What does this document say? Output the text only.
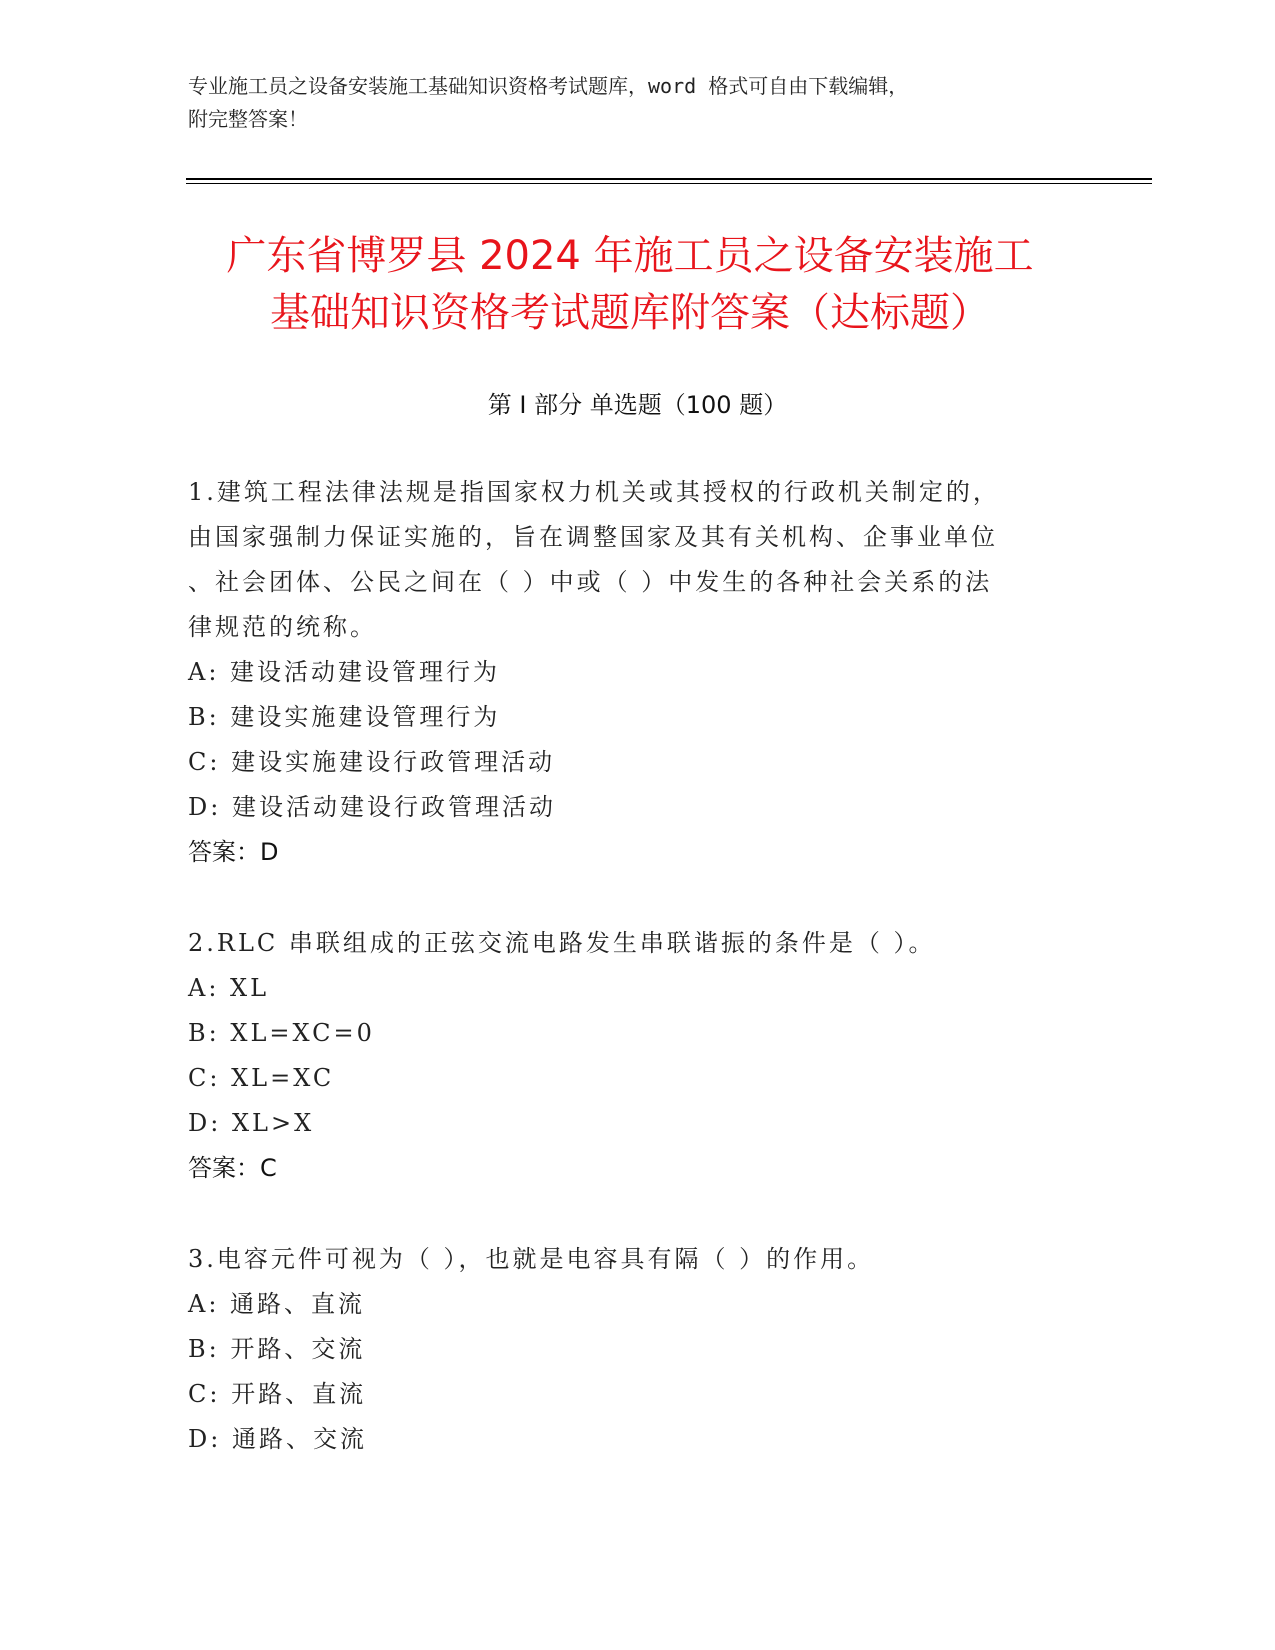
专业施工员之设备安装施工基础知识资格考试题库，word 格式可自由下载编辑，
附完整答案！
广东省博罗县 2024 年施工员之设备安装施工
基础知识资格考试题库附答案（达标题）
第 I 部分 单选题（100 题）
1.建筑工程法律法规是指国家权力机关或其授权的行政机关制定的，
由国家强制力保证实施的，旨在调整国家及其有关机构、企事业单位
、社会团体、公民之间在（ ）中或（ ）中发生的各种社会关系的法
律规范的统称。
A: 建设活动建设管理行为
B: 建设实施建设管理行为
C: 建设实施建设行政管理活动
D: 建设活动建设行政管理活动
答案：D
2.RLC 串联组成的正弦交流电路发生串联谐振的条件是（ ）。
A: XL
B: XL=XC=0
C: XL=XC
D: XL>X
答案：C
3.电容元件可视为（ ），也就是电容具有隔（ ）的作用。
A: 通路、直流
B: 开路、交流
C: 开路、直流
D: 通路、交流
